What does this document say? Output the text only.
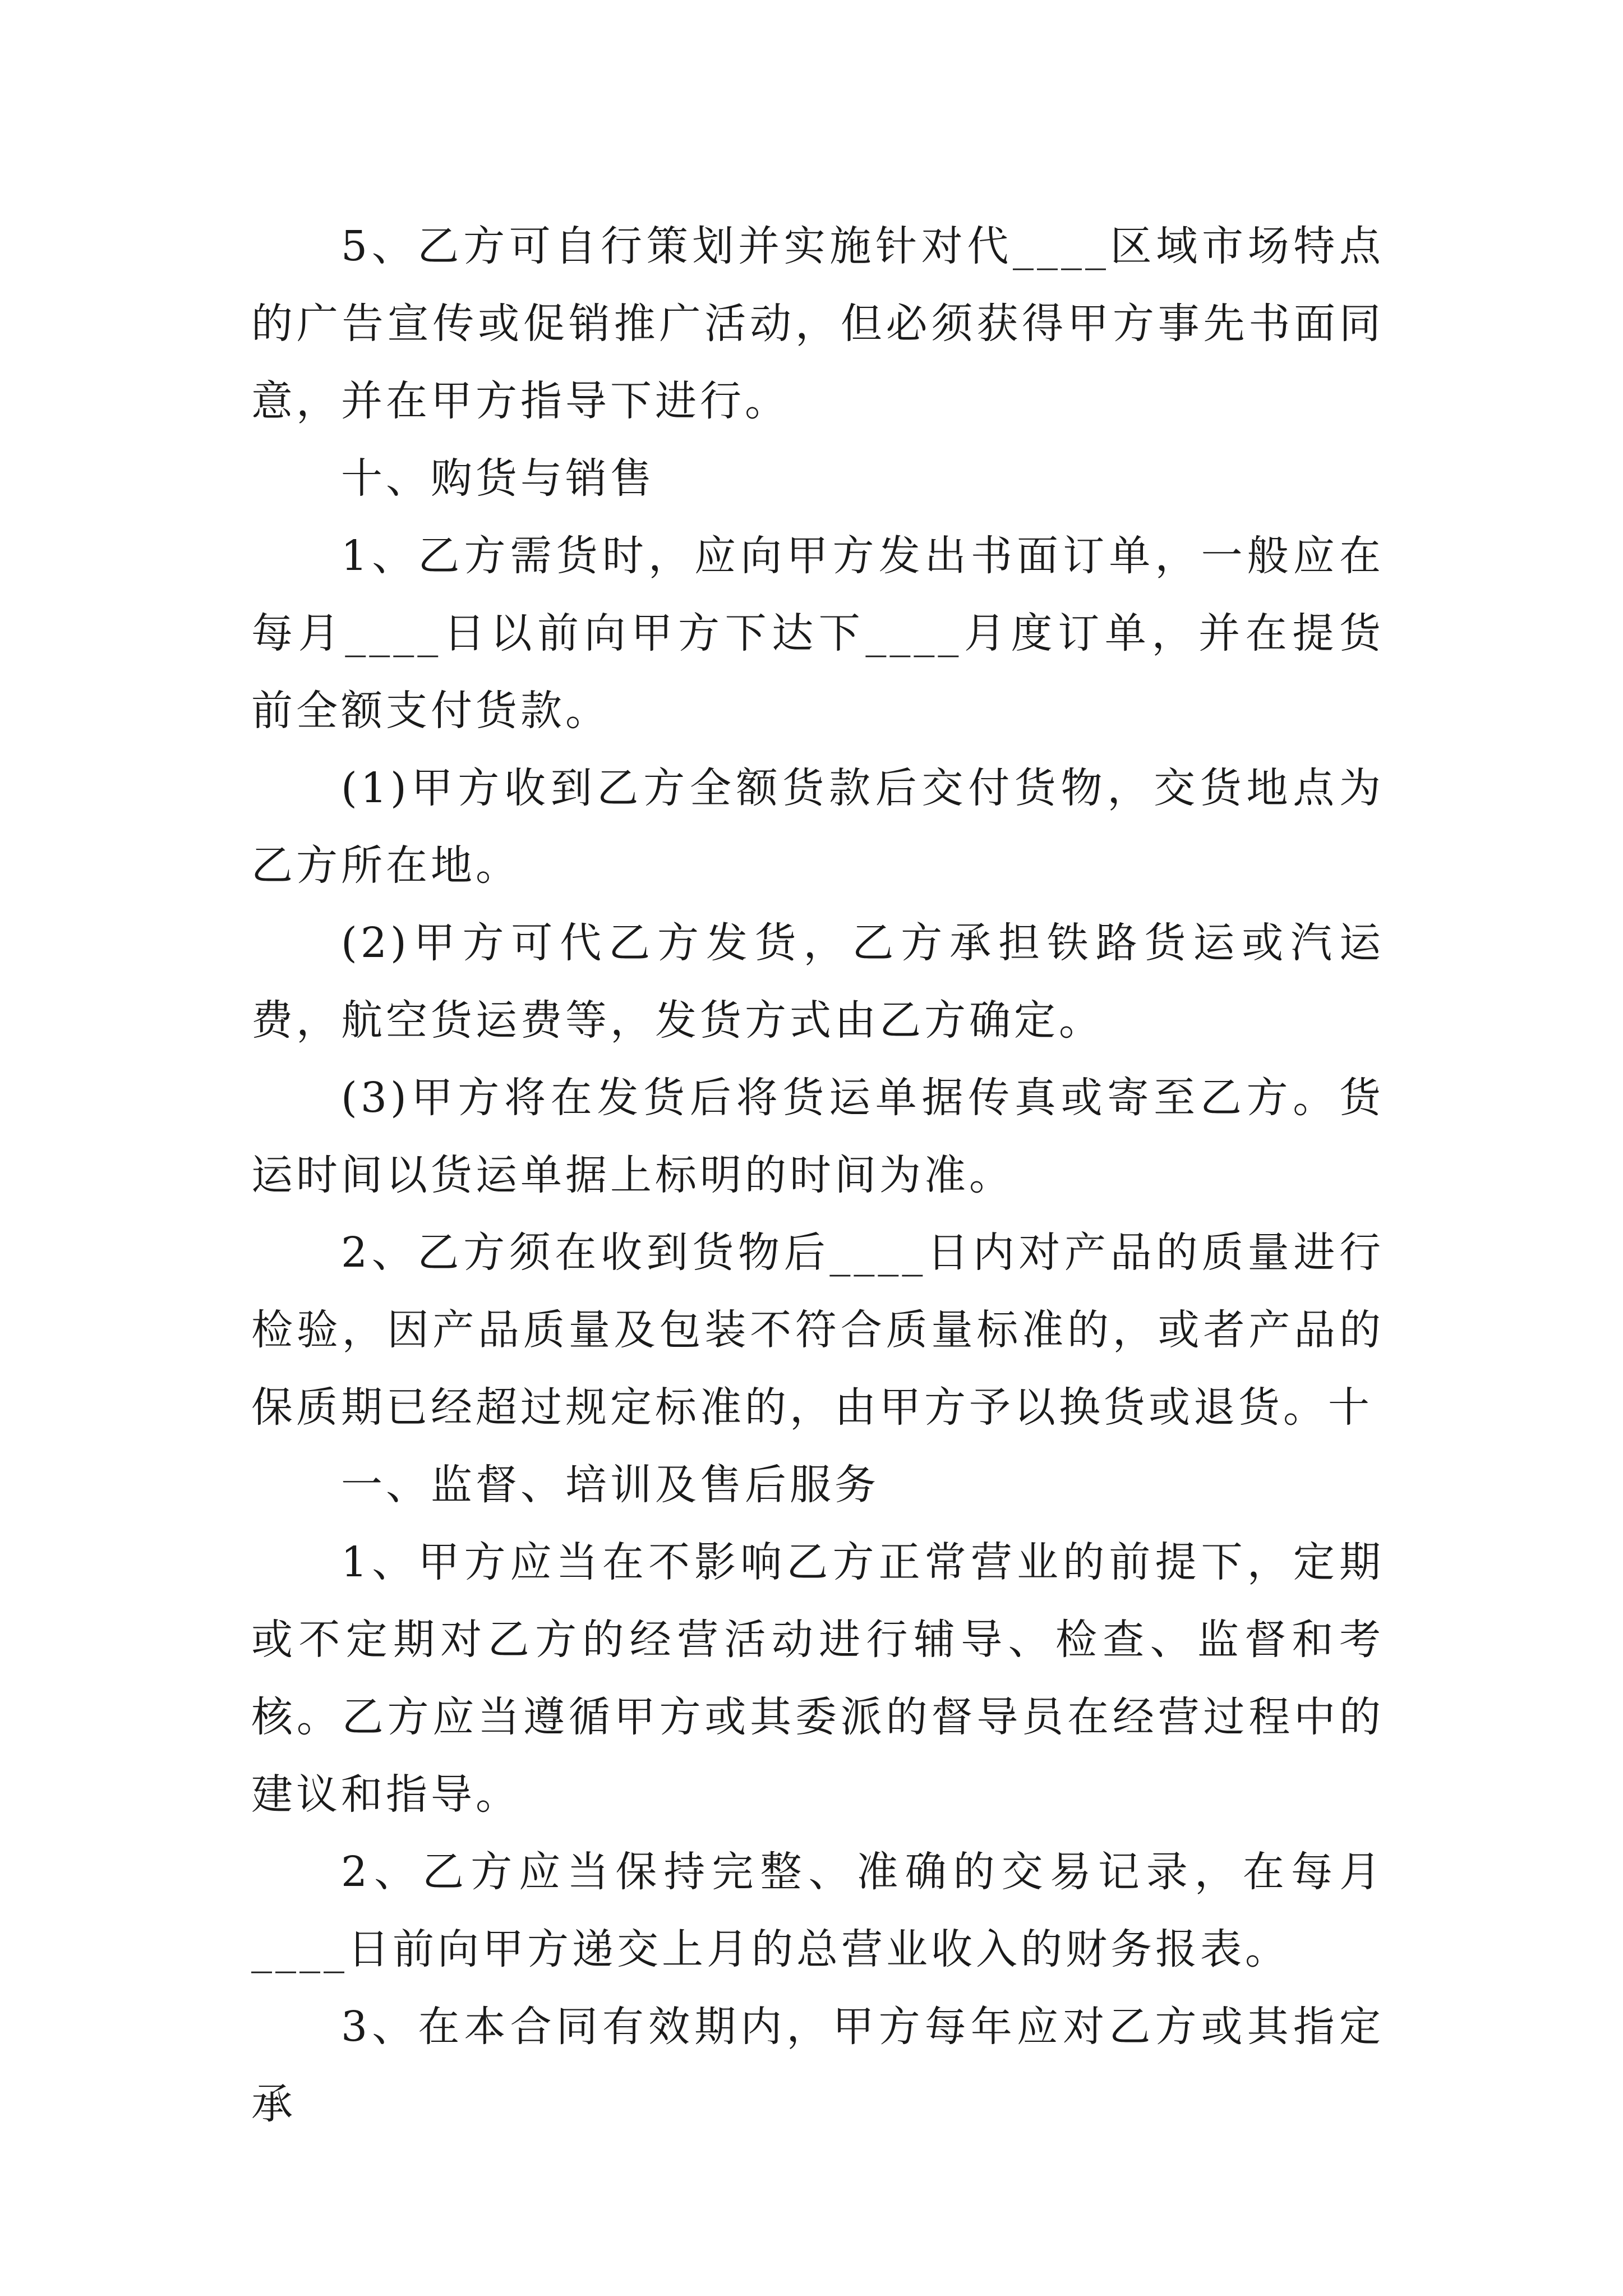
5、乙方可自行策划并实施针对代____区域市场特点的广告宣传或促销推广活动，但必须获得甲方事先书面同意，并在甲方指导下进行。

十、购货与销售

1、乙方需货时，应向甲方发出书面订单，一般应在每月____日以前向甲方下达下____月度订单，并在提货前全额支付货款。

(1)甲方收到乙方全额货款后交付货物，交货地点为乙方所在地。

(2)甲方可代乙方发货，乙方承担铁路货运或汽运费，航空货运费等，发货方式由乙方确定。

(3)甲方将在发货后将货运单据传真或寄至乙方。货运时间以货运单据上标明的时间为准。

2、乙方须在收到货物后____日内对产品的质量进行检验，因产品质量及包装不符合质量标准的，或者产品的保质期已经超过规定标准的，由甲方予以换货或退货。十

一、监督、培训及售后服务

1、甲方应当在不影响乙方正常营业的前提下，定期或不定期对乙方的经营活动进行辅导、检查、监督和考核。乙方应当遵循甲方或其委派的督导员在经营过程中的建议和指导。

2、乙方应当保持完整、准确的交易记录，在每月____日前向甲方递交上月的总营业收入的财务报表。

3、在本合同有效期内，甲方每年应对乙方或其指定承
